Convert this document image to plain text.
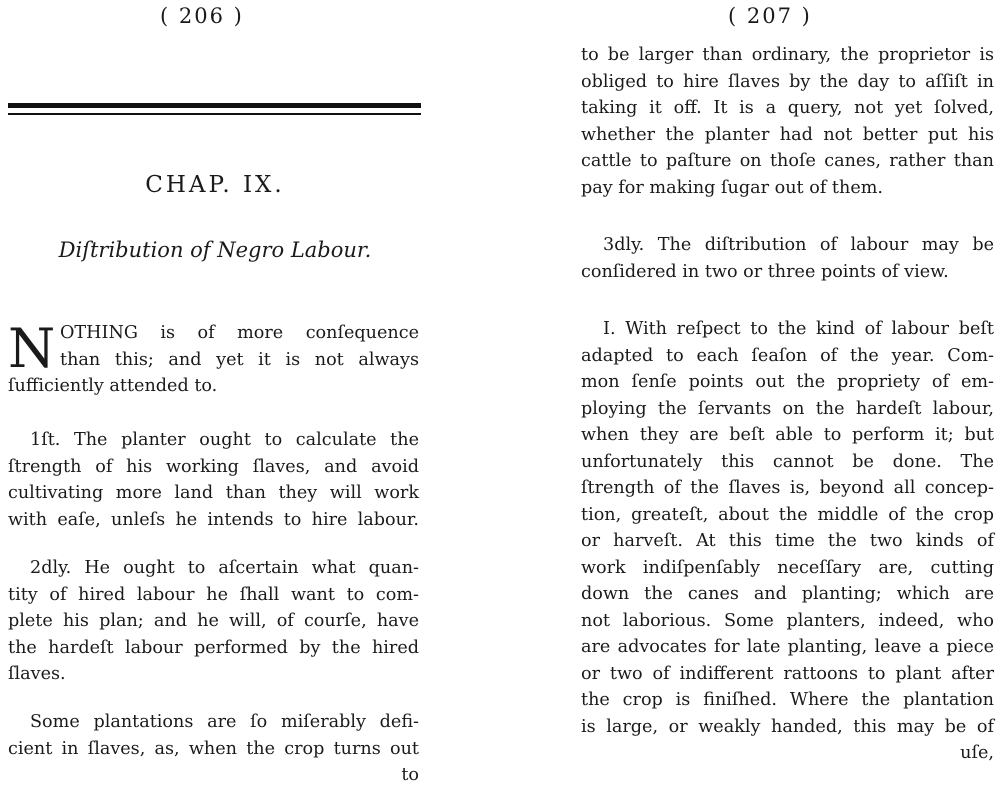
( 206 )
CHAP. IX.
Diſtribution of Negro Labour.
N OTHING is of more conſequence
than this; and yet it is not always
ſufficiently attended to.
1ſt. The planter ought to calculate the
ſtrength of his working ſlaves, and avoid
cultivating more land than they will work
with eaſe, unleſs he intends to hire labour.
2dly. He ought to aſcertain what quan-
tity of hired labour he ſhall want to com-
plete his plan; and he will, of courſe, have
the hardeſt labour performed by the hired
ſlaves.
Some plantations are ſo miſerably defi-
cient in ſlaves, as, when the crop turns out
to
( 207 )
to be larger than ordinary, the proprietor is
obliged to hire ſlaves by the day to aſſiſt in
taking it off. It is a query, not yet ſolved,
whether the planter had not better put his
cattle to paſture on thoſe canes, rather than
pay for making ſugar out of them.
3dly. The diſtribution of labour may be
conſidered in two or three points of view.
I. With reſpect to the kind of labour beſt
adapted to each ſeaſon of the year. Com-
mon ſenſe points out the propriety of em-
ploying the ſervants on the hardeſt labour,
when they are beſt able to perform it; but
unfortunately this cannot be done. The
ſtrength of the ſlaves is, beyond all concep-
tion, greateſt, about the middle of the crop
or harveſt. At this time the two kinds of
work indiſpenſably neceſſary are, cutting
down the canes and planting; which are
not laborious. Some planters, indeed, who
are advocates for late planting, leave a piece
or two of indifferent rattoons to plant after
the crop is finiſhed. Where the plantation
is large, or weakly handed, this may be of
uſe,
